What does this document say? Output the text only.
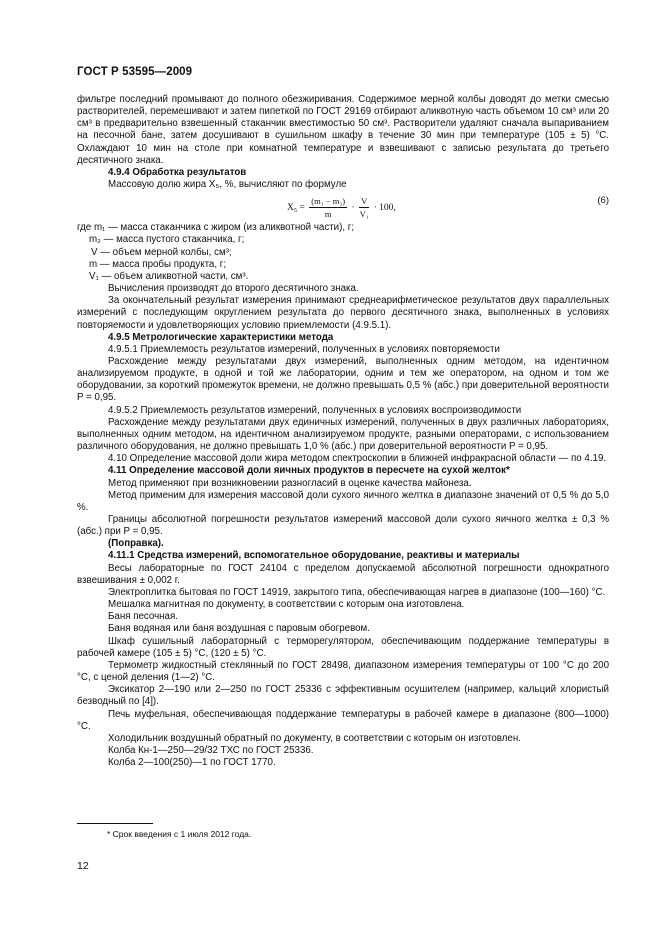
ГОСТ Р 53595—2009

фильтре последний промывают до полного обезжиривания. Содержимое мерной колбы доводят до метки смесью растворителей, перемешивают и затем пипеткой по ГОСТ 29169 отбирают аликвотную часть объемом 10 см³ или 20 см³ в предварительно взвешенный стаканчик вместимостью 50 см³. Растворители удаляют сначала выпариванием на песочной бане, затем досушивают в сушильном шкафу в течение 30 мин при температуре (105 ± 5) °С. Охлаждают 10 мин на столе при комнатной температуре и взвешивают с записью результата до третьего десятичного знака.

4.9.4 Обработка результатов

Массовую долю жира X₅, %, вычисляют по формуле

$X_5 = \frac{\text{(m₁ − m₂)}}{m} \cdot \frac{V}{\text{V₁}} \cdot 100$,
(6)
где m₁ — масса стаканчика с жиром (из аликвотной части), г;
m₂ — масса пустого стаканчика, г;
V — объем мерной колбы, см³;
m — масса пробы продукта, г;
V₁ — объем аликвотной части, см³.

Вычисления производят до второго десятичного знака.

За окончательный результат измерения принимают среднеарифметическое результатов двух параллельных измерений с последующим округлением результата до первого десятичного знака, выполненных в условиях повторяемости и удовлетворяющих условию приемлемости (4.9.5.1).

4.9.5 Метрологические характеристики метода

4.9.5.1 Приемлемость результатов измерений, полученных в условиях повторяемости

Расхождение между результатами двух измерений, выполненных одним методом, на идентичном анализируемом продукте, в одной и той же лаборатории, одним и тем же оператором, на одном и том же оборудовании, за короткий промежуток времени, не должно превышать 0,5 % (абс.) при доверительной вероятности P = 0,95.

4.9.5.2 Приемлемость результатов измерений, полученных в условиях воспроизводимости

Расхождение между результатами двух единичных измерений, полученных в двух различных лабораториях, выполненных одним методом, на идентичном анализируемом продукте, разными операторами, с использованием различного оборудования, не должно превышать 1,0 % (абс.) при доверительной вероятности P = 0,95.

4.10 Определение массовой доли жира методом спектроскопии в ближней инфракрасной области — по 4.19.

4.11 Определение массовой доли яичных продуктов в пересчете на сухой желток*

Метод применяют при возникновении разногласий в оценке качества майонеза.

Метод применим для измерения массовой доли сухого яичного желтка в диапазоне значений от 0,5 % до 5,0 %.

Границы абсолютной погрешности результатов измерений массовой доли сухого яичного желтка ± 0,3 % (абс.) при P = 0,95.

(Поправка).

4.11.1 Средства измерений, вспомогательное оборудование, реактивы и материалы

Весы лабораторные по ГОСТ 24104 с пределом допускаемой абсолютной погрешности однократного взвешивания ± 0,002 г.

Электроплитка бытовая по ГОСТ 14919, закрытого типа, обеспечивающая нагрев в диапазоне (100—160) °С.

Мешалка магнитная по документу, в соответствии с которым она изготовлена.

Баня песочная.

Баня водяная или баня воздушная с паровым обогревом.

Шкаф сушильный лабораторный с терморегулятором, обеспечивающим поддержание температуры в рабочей камере (105 ± 5) °С, (120 ± 5) °С.

Термометр жидкостный стеклянный по ГОСТ 28498, диапазоном измерения температуры от 100 °С до 200 °С, с ценой деления (1—2) °С.

Эксикатор 2—190 или 2—250 по ГОСТ 25336 с эффективным осушителем (например, кальций хлористый безводный по [4]).

Печь муфельная, обеспечивающая поддержание температуры в рабочей камере в диапазоне (800—1000) °С.

Холодильник воздушный обратный по документу, в соответствии с которым он изготовлен.

Колба Кн-1—250—29/32 ТХС по ГОСТ 25336.

Колба 2—100(250)—1 по ГОСТ 1770.

* Срок введения с 1 июля 2012 года.
12
